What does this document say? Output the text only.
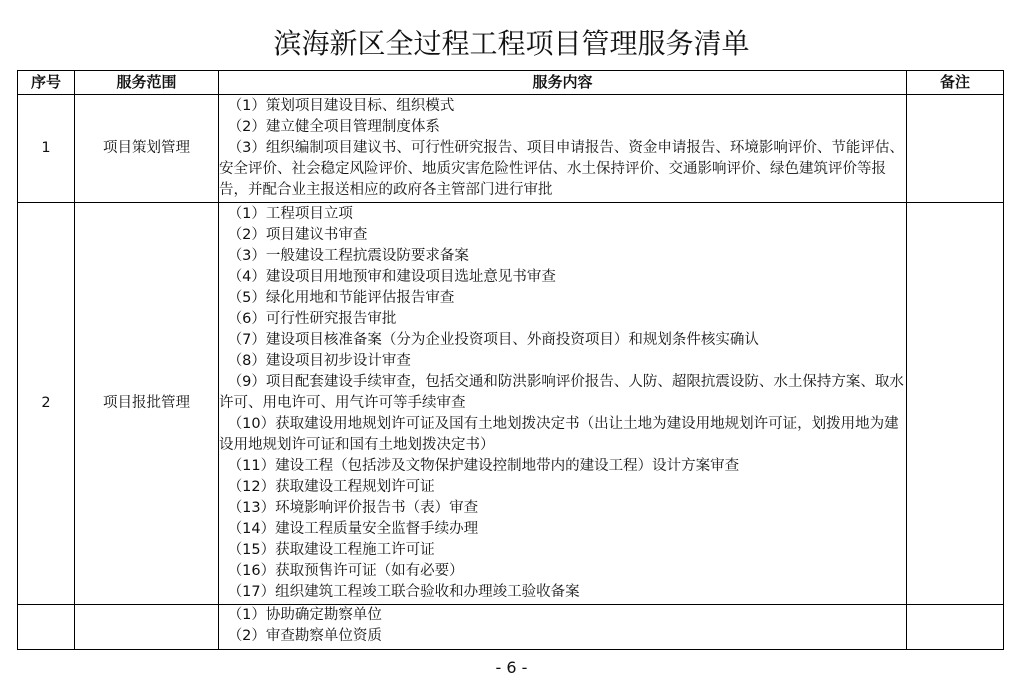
滨海新区全过程工程项目管理服务清单
序号	服务范围	服务内容	备注
1	项目策划管理	（1）策划项目建设目标、组织模式
（2）建立健全项目管理制度体系
（3）组织编制项目建议书、可行性研究报告、项目申请报告、资金申请报告、环境影响评价、节能评估、安全评价、社会稳定风险评价、地质灾害危险性评估、水土保持评价、交通影响评价、绿色建筑评价等报告，并配合业主报送相应的政府各主管部门进行审批	

2	项目报批管理	
（1）工程项目立项
（2）项目建议书审查
（3）一般建设工程抗震设防要求备案
（4）建设项目用地预审和建设项目选址意见书审查
（5）绿化用地和节能评估报告审查
（6）可行性研究报告审批
（7）建设项目核准备案（分为企业投资项目、外商投资项目）和规划条件核实确认
（8）建设项目初步设计审查
（9）项目配套建设手续审查，包括交通和防洪影响评价报告、人防、超限抗震设防、水土保持方案、取水许可、用电许可、用气许可等手续审查
（10）获取建设用地规划许可证及国有土地划拨决定书（出让土地为建设用地规划许可证，划拨用地为建设用地规划许可证和国有土地划拨决定书）
（11）建设工程（包括涉及文物保护建设控制地带内的建设工程）设计方案审查
（12）获取建设工程规划许可证
（13）环境影响评价报告书（表）审查
（14）建设工程质量安全监督手续办理
（15）获取建设工程施工许可证
（16）获取预售许可证（如有必要）
（17）组织建筑工程竣工联合验收和办理竣工验收备案

		（1）协助确定勘察单位
（2）审查勘察单位资质	

- 6 -
